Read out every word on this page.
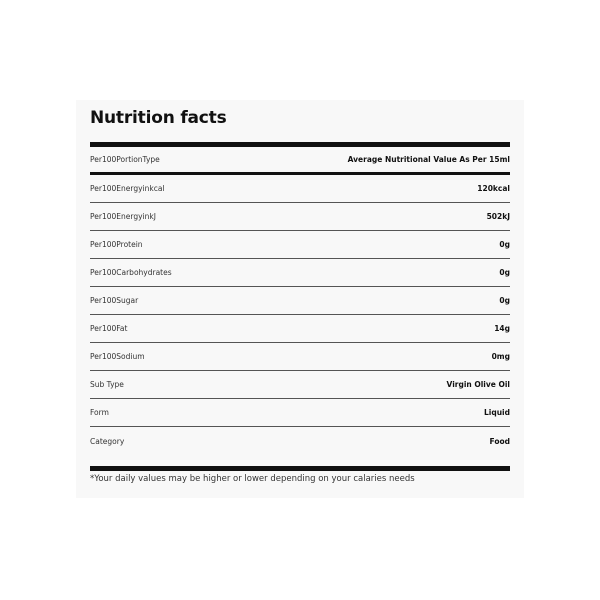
Nutrition facts
Per100PortionType	Average Nutritional Value As Per 15ml
Per100Energyinkcal	120kcal
Per100EnergyinkJ	502kJ
Per100Protein	0g
Per100Carbohydrates	0g
Per100Sugar	0g
Per100Fat	14g
Per100Sodium	0mg
Sub Type	Virgin Olive Oil
Form	Liquid
Category	Food
*Your daily values may be higher or lower depending on your calaries needs
